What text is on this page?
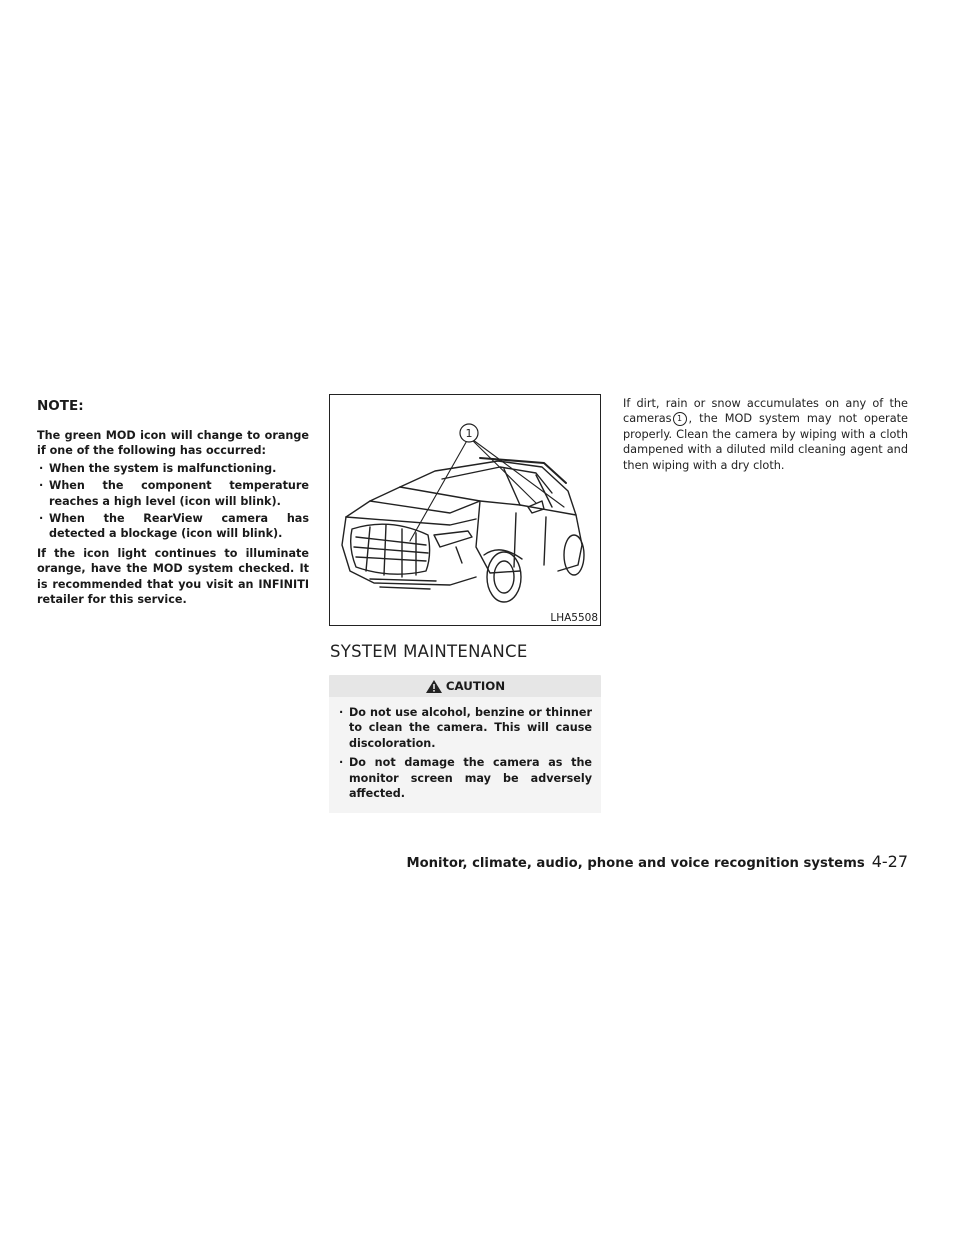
NOTE:

The green MOD icon will change to orange if one of the following has occurred:

· When the system is malfunctioning.
· When the component temperature reaches a high level (icon will blink).
· When the RearView camera has detected a blockage (icon will blink).

If the icon light continues to illuminate orange, have the MOD system checked. It is recommended that you visit an INFINITI retailer for this service.

1
LHA5508
SYSTEM MAINTENANCE
CAUTION
· Do not use alcohol, benzine or thinner to clean the camera. This will cause discoloration.
· Do not damage the camera as the monitor screen may be adversely affected.

If dirt, rain or snow accumulates on any of the cameras 1 , the MOD system may not operate properly. Clean the camera by wiping with a cloth dampened with a diluted mild cleaning agent and then wiping with a dry cloth.

Monitor, climate, audio, phone and voice recognition systems 4-27
